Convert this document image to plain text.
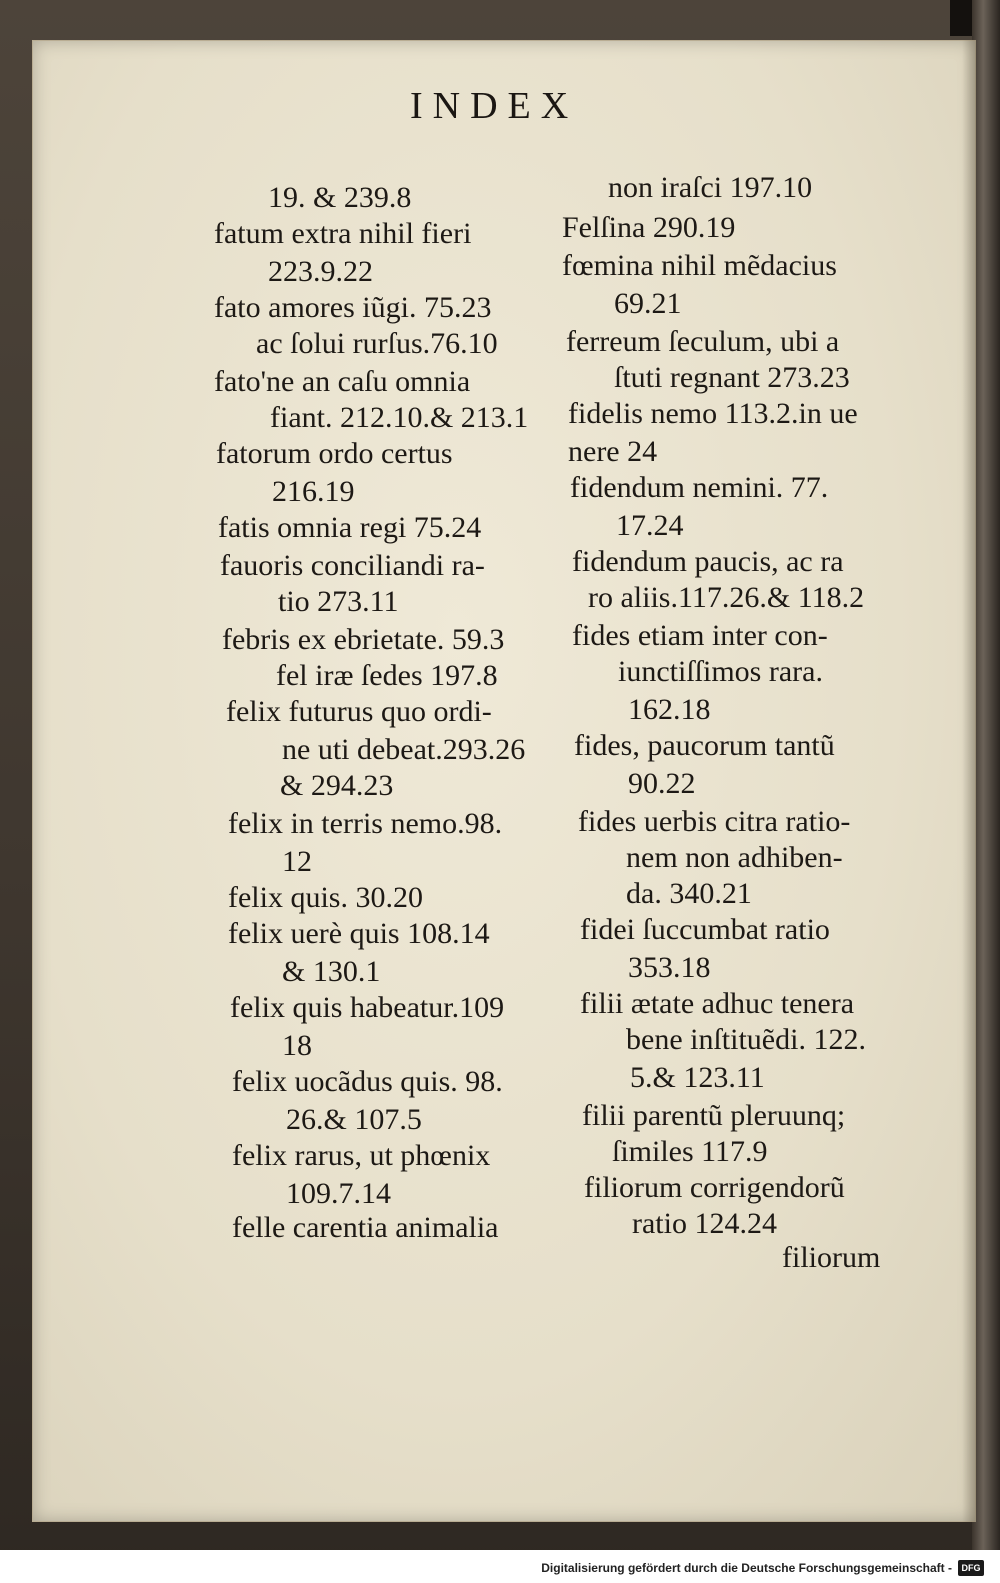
INDEX

19. & 239.8

fatum extra nihil fieri

223.9.22

fato amores iũgi. 75.23

ac ſolui rurſus.76.10

fato'ne an caſu omnia

fiant. 212.10.& 213.1

fatorum ordo certus

216.19

fatis omnia regi 75.24

fauoris conciliandi ra-

tio 273.11

febris ex ebrietate. 59.3

fel iræ ſedes 197.8

felix futurus quo ordi-

ne uti debeat.293.26

& 294.23

felix in terris nemo.98.

12

felix quis. 30.20

felix uerè quis 108.14

& 130.1

felix quis habeatur.109

18

felix uocãdus quis. 98.

26.& 107.5

felix rarus, ut phœnix

109.7.14

felle carentia animalia

non iraſci 197.10

Felſina 290.19

fœmina nihil mẽdacius

69.21

ferreum ſeculum, ubi a

ſtuti regnant 273.23

fidelis nemo 113.2.in ue

nere 24

fidendum nemini. 77.

17.24

fidendum paucis, ac ra

ro aliis.117.26.& 118.2

fides etiam inter con-

iunctiſſimos rara.

162.18

fides, paucorum tantũ

90.22

fides uerbis citra ratio-

nem non adhiben-

da. 340.21

fidei ſuccumbat ratio

353.18

filii ætate adhuc tenera

bene inſtituẽdi. 122.

5.& 123.11

filii parentũ pleruunq;

ſimiles 117.9

filiorum corrigendorũ

ratio 124.24

filiorum

Digitalisierung gefördert durch die Deutsche Forschungsgemeinschaft -	DFG
